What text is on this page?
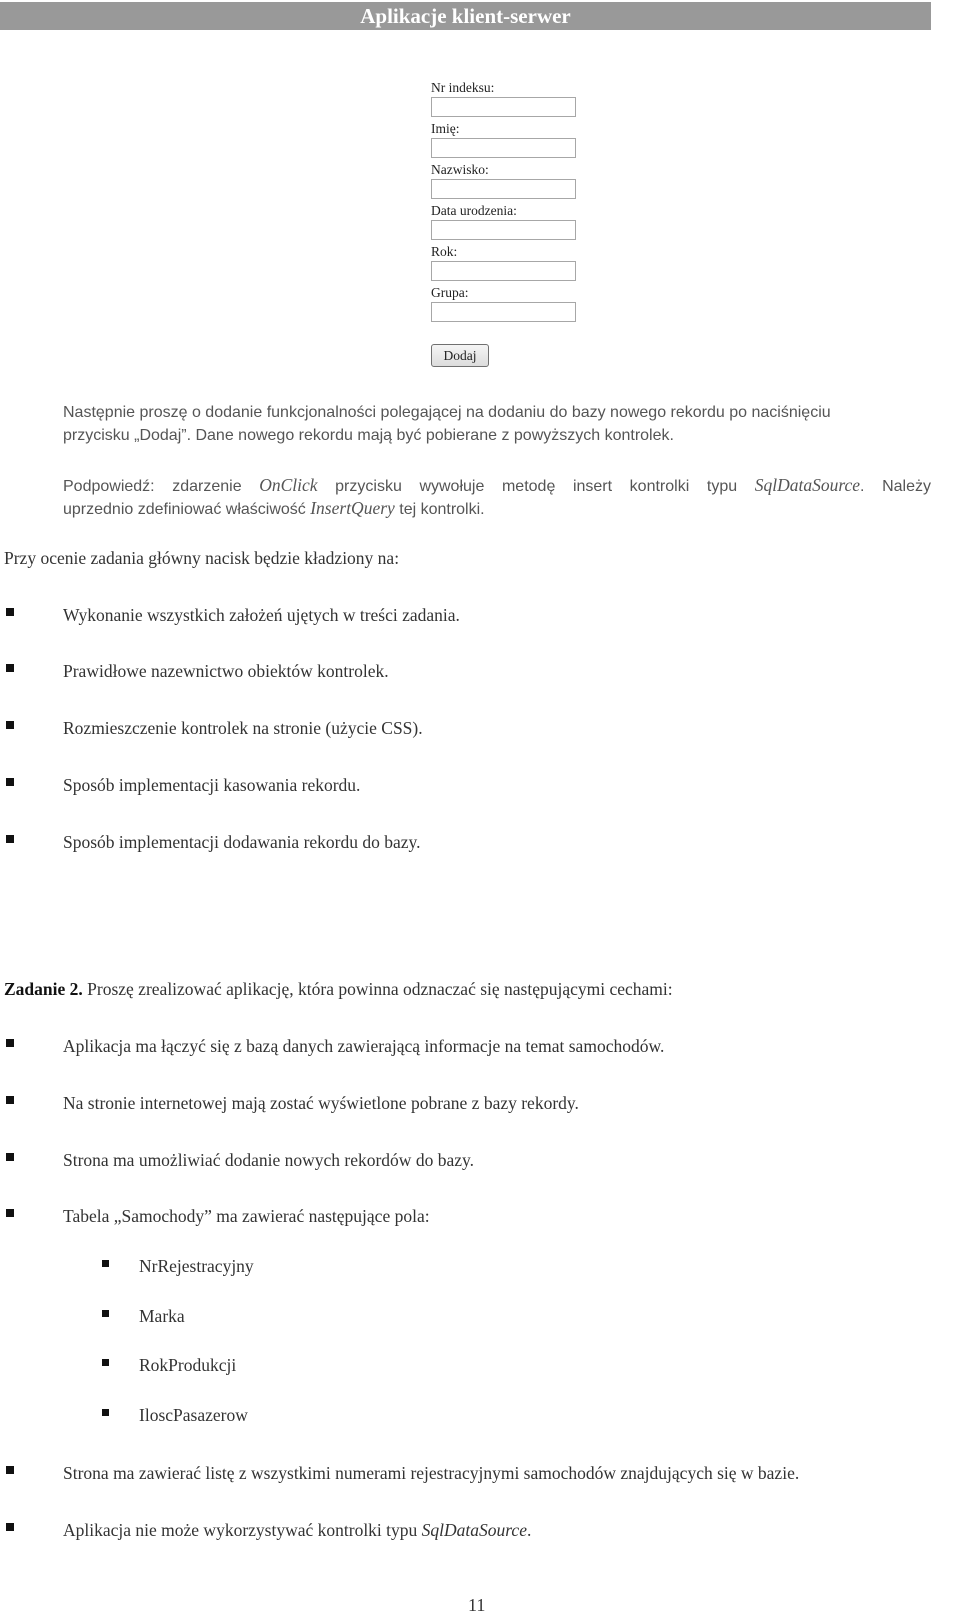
Aplikacje klient-serwer
Nr indeksu:
Imię:
Nazwisko:
Data urodzenia:
Rok:
Grupa:
Dodaj

Następnie proszę o dodanie funkcjonalności polegającej na dodaniu do bazy nowego rekordu po naciśnięciu

przycisku „Dodaj”. Dane nowego rekordu mają być pobierane z powyższych kontrolek.

Podpowiedź: zdarzenie OnClick przycisku wywołuje metodę insert kontrolki typu SqlDataSource. Należy

uprzednio zdefiniować właściwość InsertQuery tej kontrolki.

Przy ocenie zadania główny nacisk będzie kładziony na:

Wykonanie wszystkich założeń ujętych w treści zadania.

Prawidłowe nazewnictwo obiektów kontrolek.

Rozmieszczenie kontrolek na stronie (użycie CSS).

Sposób implementacji kasowania rekordu.

Sposób implementacji dodawania rekordu do bazy.

Zadanie 2. Proszę zrealizować aplikację, która powinna odznaczać się następującymi cechami:

Aplikacja ma łączyć się z bazą danych zawierającą informacje na temat samochodów.

Na stronie internetowej mają zostać wyświetlone pobrane z bazy rekordy.

Strona ma umożliwiać dodanie nowych rekordów do bazy.

Tabela „Samochody” ma zawierać następujące pola:

NrRejestracyjny

Marka

RokProdukcji

IloscPasazerow

Strona ma zawierać listę z wszystkimi numerami rejestracyjnymi samochodów znajdujących się w bazie.

Aplikacja nie może wykorzystywać kontrolki typu SqlDataSource.

11
